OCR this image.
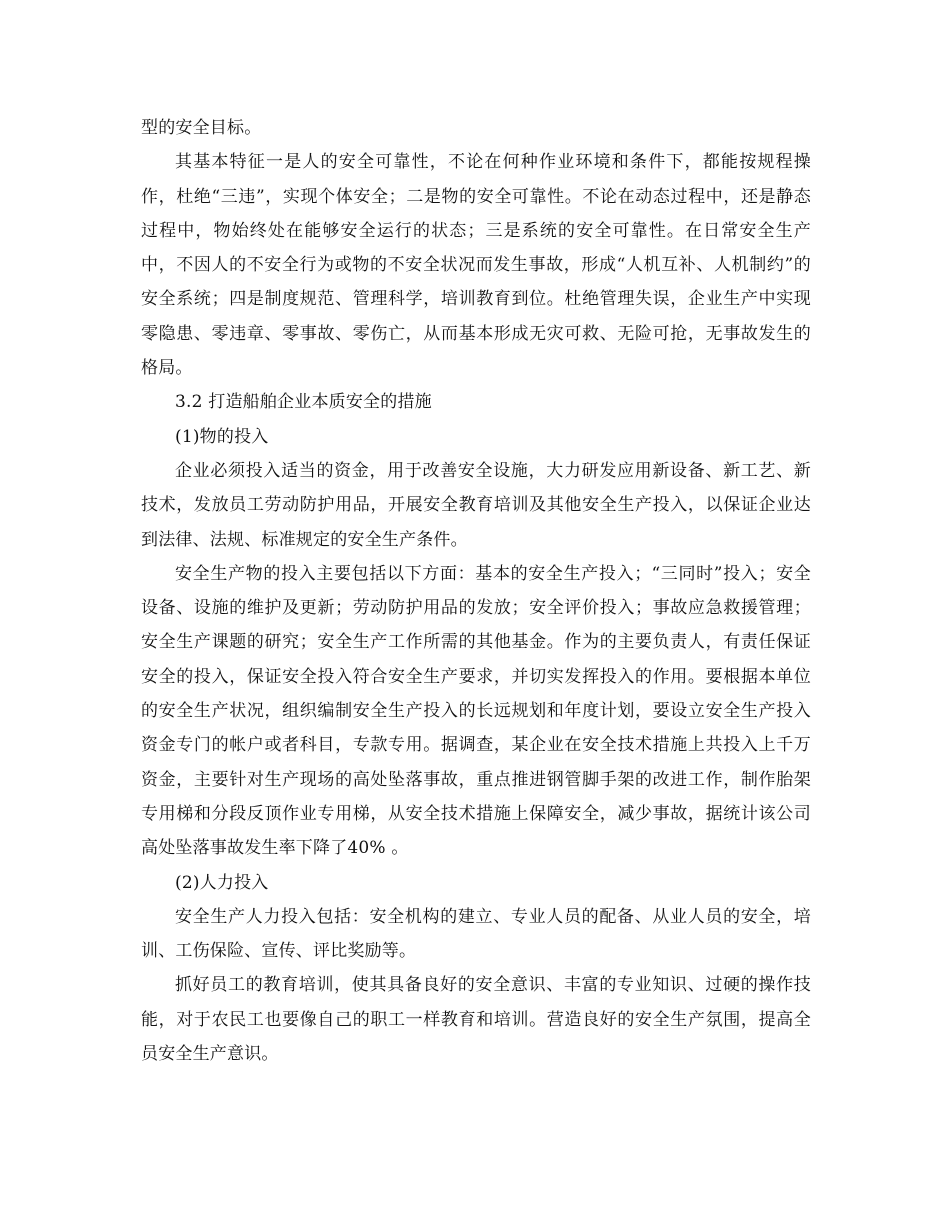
型的安全目标。

其基本特征一是人的安全可靠性，不论在何种作业环境和条件下，都能按规程操作，杜绝“三违”，实现个体安全；二是物的安全可靠性。不论在动态过程中，还是静态过程中，物始终处在能够安全运行的状态；三是系统的安全可靠性。在日常安全生产中，不因人的不安全行为或物的不安全状况而发生事故，形成“人机互补、人机制约”的安全系统；四是制度规范、管理科学，培训教育到位。杜绝管理失误，企业生产中实现零隐患、零违章、零事故、零伤亡，从而基本形成无灾可救、无险可抢，无事故发生的格局。

3.2 打造船舶企业本质安全的措施

(1)物的投入

企业必须投入适当的资金，用于改善安全设施，大力研发应用新设备、新工艺、新技术，发放员工劳动防护用品，开展安全教育培训及其他安全生产投入，以保证企业达到法律、法规、标准规定的安全生产条件。

安全生产物的投入主要包括以下方面：基本的安全生产投入；“三同时”投入；安全设备、设施的维护及更新；劳动防护用品的发放；安全评价投入；事故应急救援管理；安全生产课题的研究；安全生产工作所需的其他基金。作为的主要负责人，有责任保证安全的投入，保证安全投入符合安全生产要求，并切实发挥投入的作用。要根据本单位的安全生产状况，组织编制安全生产投入的长远规划和年度计划，要设立安全生产投入资金专门的帐户或者科目，专款专用。据调查，某企业在安全技术措施上共投入上千万资金，主要针对生产现场的高处坠落事故，重点推进钢管脚手架的改进工作，制作胎架专用梯和分段反顶作业专用梯，从安全技术措施上保障安全，减少事故，据统计该公司高处坠落事故发生率下降了40% 。

(2)人力投入

安全生产人力投入包括：安全机构的建立、专业人员的配备、从业人员的安全，培训、工伤保险、宣传、评比奖励等。

抓好员工的教育培训，使其具备良好的安全意识、丰富的专业知识、过硬的操作技能，对于农民工也要像自己的职工一样教育和培训。营造良好的安全生产氛围，提高全员安全生产意识。
